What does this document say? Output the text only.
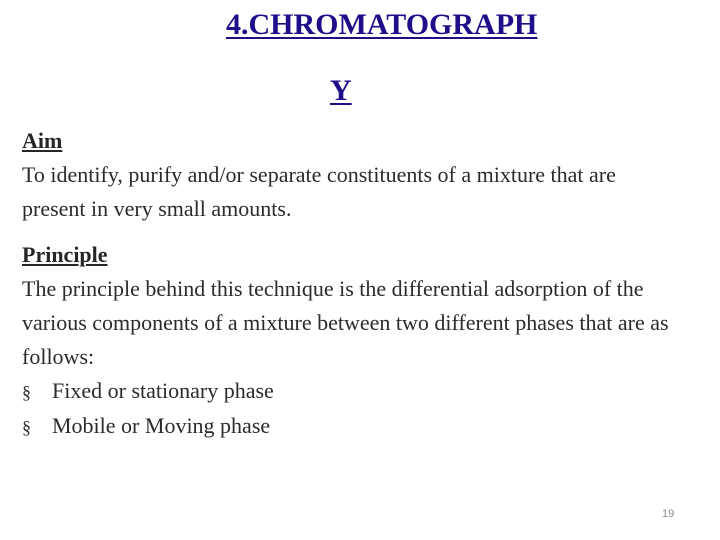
4.CHROMATOGRAPH
Y
Aim

To identify, purify and/or separate constituents of a mixture that are present in very small amounts.

Principle

The principle behind this technique is the differential adsorption of the various components of a mixture between two different phases that are as follows:

§ Fixed or stationary phase
§ Mobile or Moving phase
19
